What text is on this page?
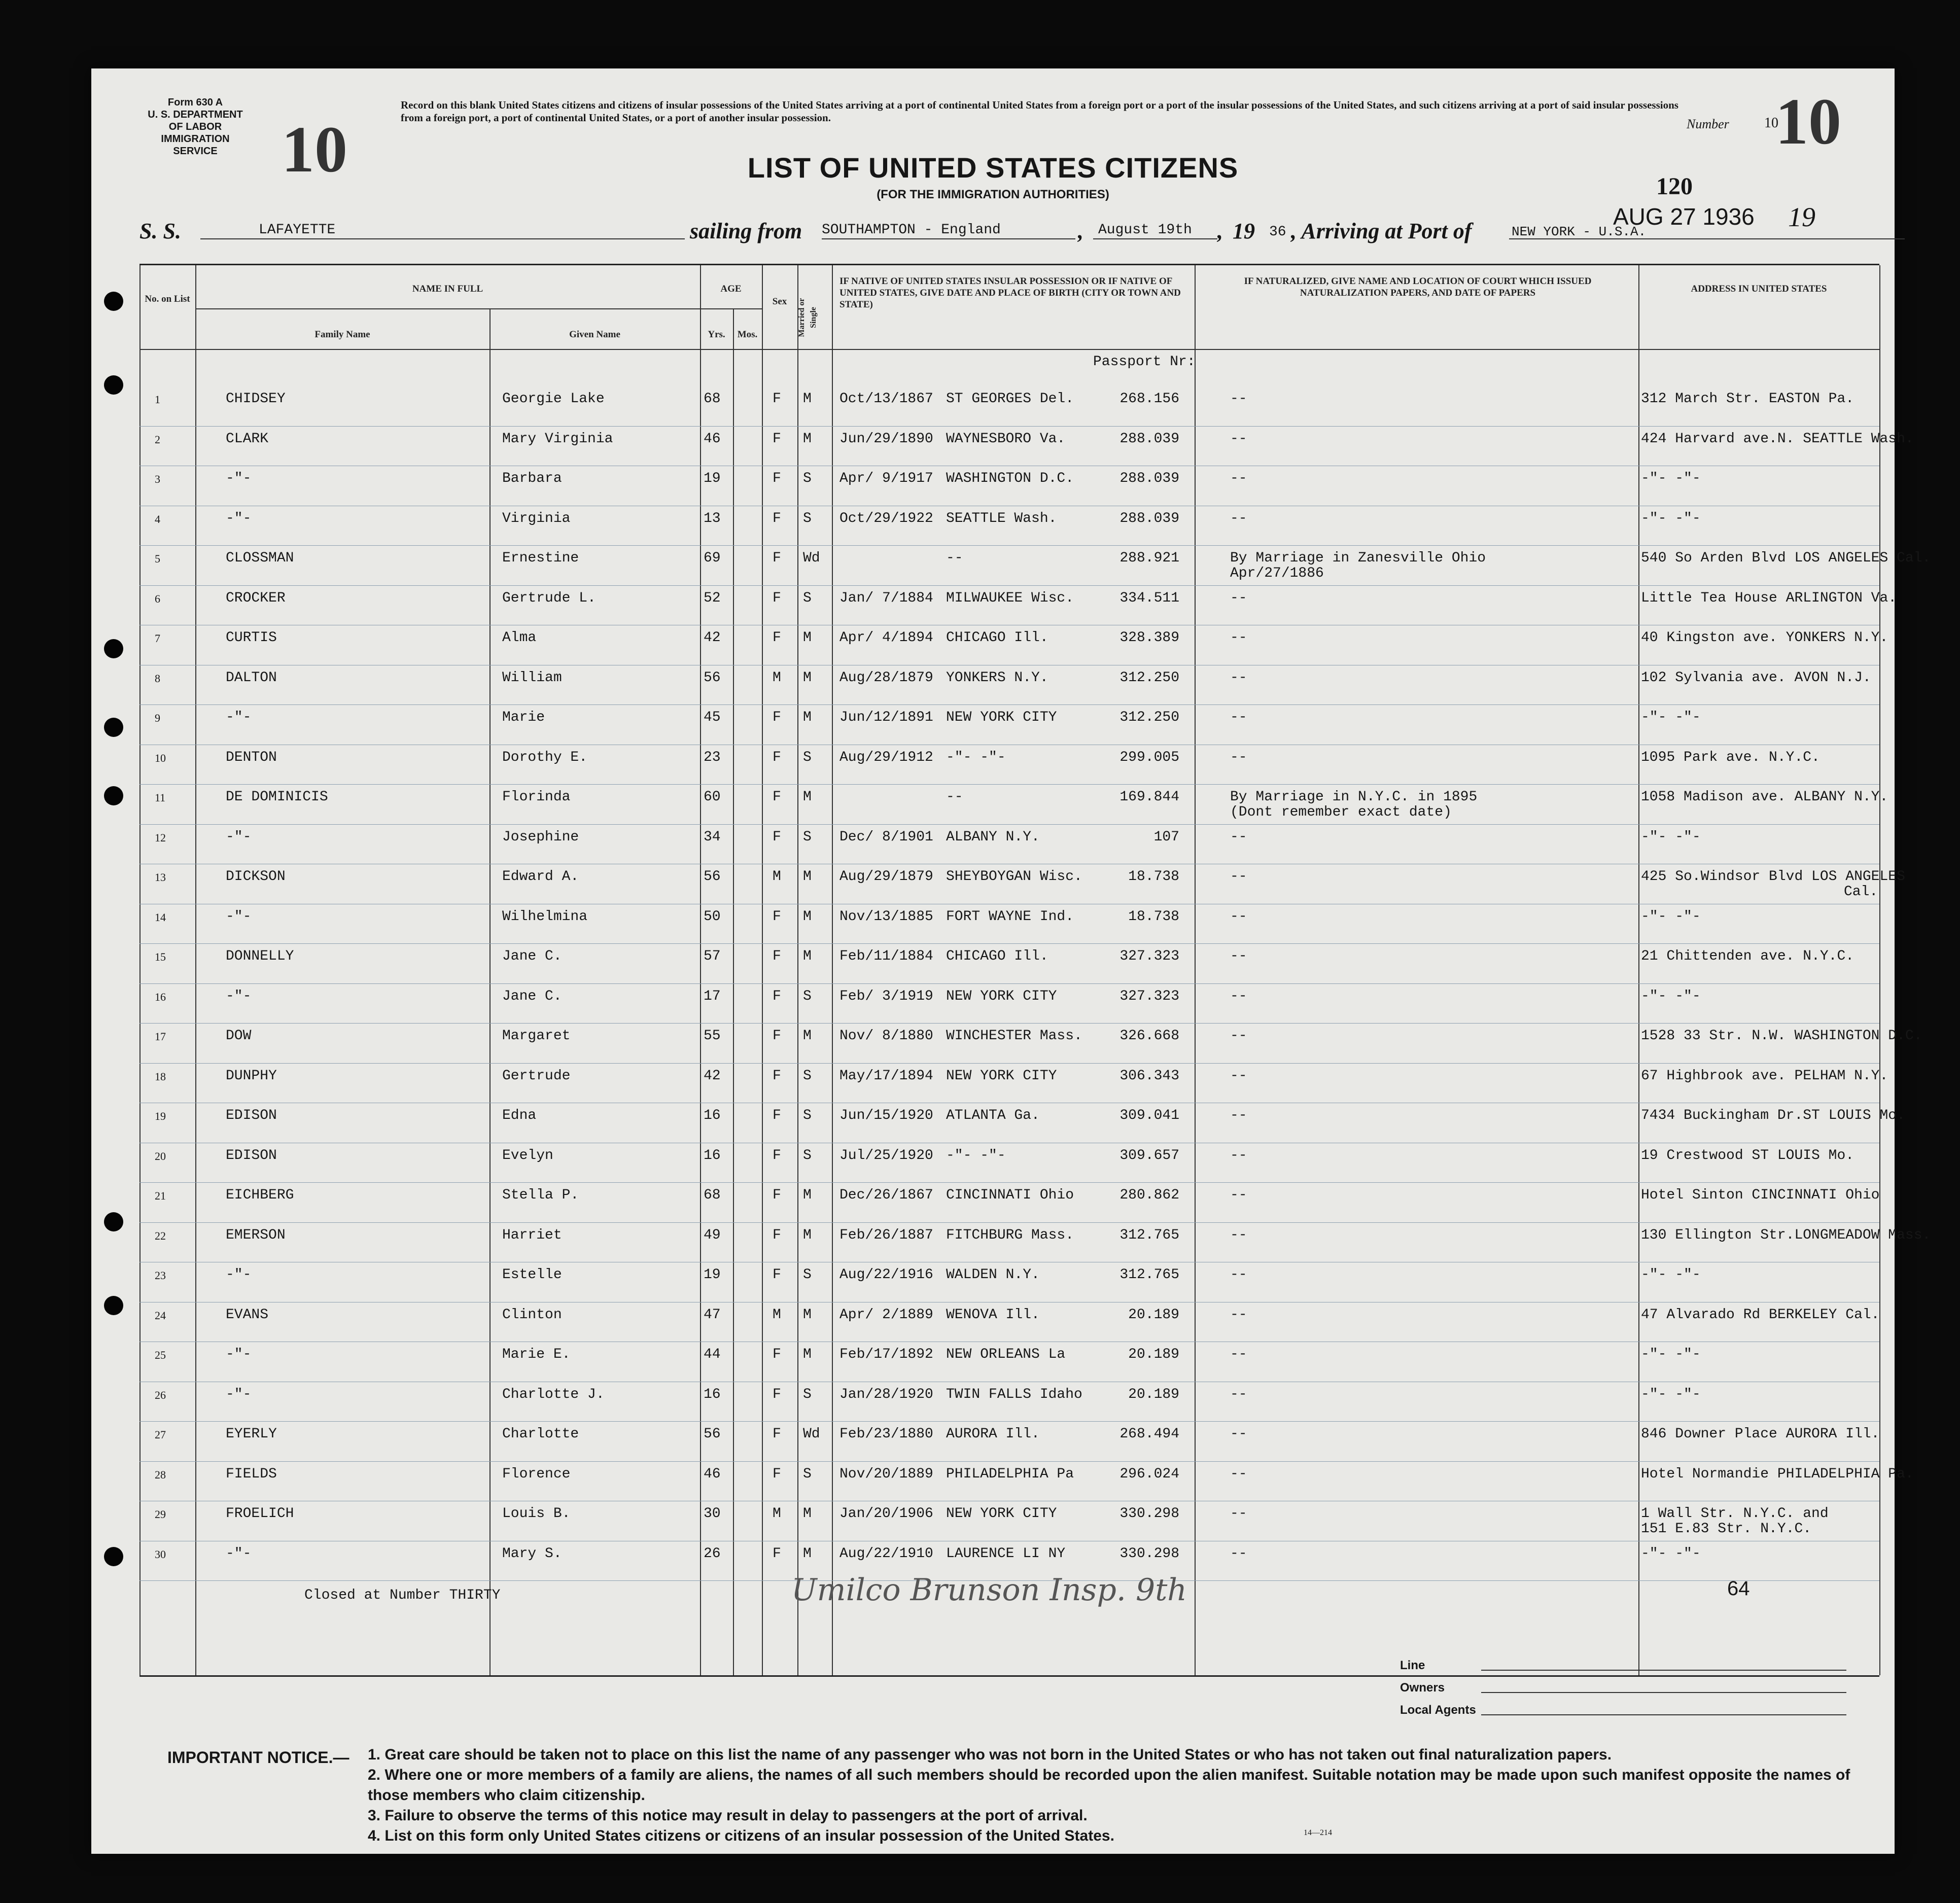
Form 630 A
U. S. DEPARTMENT OF LABOR
IMMIGRATION SERVICE 10
Record on this blank United States citizens and citizens of insular possessions of the United States arriving at a port of continental United States from a foreign port or a port of the insular possessions of the United States, and such citizens arriving at a port of said insular possessions from a foreign port, a port of continental United States, or a port of another insular possession.
LIST OF UNITED STATES CITIZENS
(FOR THE IMMIGRATION AUTHORITIES)
Number 10
10
120
AUG 27 1936 19
S. S.	LAFAYETTE	sailing from SOUTHAMPTON - England	, August 19th , 19 36 , Arriving at Port of	NEW YORK - U.S.A.
No. on List
NAME IN FULL
Family Name	Given Name
AGE
Yrs.	Mos.
Sex	Married or Single
IF NATIVE OF UNITED STATES INSULAR POSSESSION OR IF NATIVE OF UNITED STATES, GIVE DATE AND PLACE OF BIRTH (CITY OR TOWN AND STATE)
IF NATURALIZED, GIVE NAME AND LOCATION OF COURT WHICH ISSUED NATURALIZATION PAPERS, AND DATE OF PAPERS	ADDRESS IN UNITED STATES
Passport Nr:
1	CHIDSEY	Georgie Lake	68	F M Oct/13/1867 ST GEORGES Del.	268.156	--	312 March Str. EASTON Pa.
2	CLARK	Mary Virginia	46	F M Jun/29/1890 WAYNESBORO Va.	288.039	--	424 Harvard ave.N. SEATTLE Wash.
3	-"-	Barbara	19	F S Apr/ 9/1917 WASHINGTON D.C.	288.039	--	-"- -"-
4	-"-	Virginia	13	F S Oct/29/1922 SEATTLE Wash.	288.039	--	-"- -"-
5	CLOSSMAN	Ernestine	69	F Wd	--	288.921	By Marriage in Zanesville Ohio	540 So Arden Blvd LOS ANGELES Cal.
Apr/27/1886
6	CROCKER	Gertrude L.	52	F S Jan/ 7/1884 MILWAUKEE Wisc.	334.511	--	Little Tea House ARLINGTON Va.
7	CURTIS	Alma	42	F M Apr/ 4/1894 CHICAGO Ill.	328.389	--	40 Kingston ave. YONKERS N.Y.
8	DALTON	William	56	M M Aug/28/1879 YONKERS N.Y.	312.250	--	102 Sylvania ave. AVON N.J.
9	-"-	Marie	45	F M Jun/12/1891 NEW YORK CITY	312.250	--	-"- -"-
10	DENTON	Dorothy E.	23	F S Aug/29/1912 -"- -"-	299.005	--	1095 Park ave. N.Y.C.
11	DE DOMINICIS	Florinda	60	F M	--	169.844	By Marriage in N.Y.C. in 1895	1058 Madison ave. ALBANY N.Y.
(Dont remember exact date)
12	-"-	Josephine	34	F S Dec/ 8/1901 ALBANY N.Y.	107	--	-"- -"-
13	DICKSON	Edward A.	56	M M Aug/29/1879 SHEYBOYGAN Wisc.	18.738	--	425 So.Windsor Blvd LOS ANGELES
Cal.
14	-"-	Wilhelmina	50	F M Nov/13/1885 FORT WAYNE Ind.	18.738	--	-"- -"-
15	DONNELLY	Jane C.	57	F M Feb/11/1884 CHICAGO Ill.	327.323	--	21 Chittenden ave. N.Y.C.
16	-"-	Jane C.	17	F S Feb/ 3/1919 NEW YORK CITY	327.323	--	-"- -"-
17	DOW	Margaret	55	F M Nov/ 8/1880 WINCHESTER Mass.	326.668	--	1528 33 Str. N.W. WASHINGTON D.C.
18	DUNPHY	Gertrude	42	F S May/17/1894 NEW YORK CITY	306.343	--	67 Highbrook ave. PELHAM N.Y.
19	EDISON	Edna	16	F S Jun/15/1920 ATLANTA Ga.	309.041	--	7434 Buckingham Dr.ST LOUIS Mo.
20	EDISON	Evelyn	16	F S Jul/25/1920 -"- -"-	309.657	--	19 Crestwood ST LOUIS Mo.
21	EICHBERG	Stella P.	68	F M Dec/26/1867 CINCINNATI Ohio	280.862	--	Hotel Sinton CINCINNATI Ohio
22	EMERSON	Harriet	49	F M Feb/26/1887 FITCHBURG Mass.	312.765	--	130 Ellington Str.LONGMEADOW Mass.
23	-"-	Estelle	19	F S Aug/22/1916 WALDEN N.Y.	312.765	--	-"- -"-
24	EVANS	Clinton	47	M M Apr/ 2/1889 WENOVA Ill.	20.189	--	47 Alvarado Rd BERKELEY Cal.
25	-"-	Marie E.	44	F M Feb/17/1892 NEW ORLEANS La	20.189	--	-"- -"-
26	-"-	Charlotte J.	16	F S Jan/28/1920 TWIN FALLS Idaho	20.189	--	-"- -"-
27	EYERLY	Charlotte	56	F Wd Feb/23/1880 AURORA Ill.	268.494	--	846 Downer Place AURORA Ill.
28	FIELDS	Florence	46	F S Nov/20/1889 PHILADELPHIA Pa	296.024	--	Hotel Normandie PHILADELPHIA Pa.
29	FROELICH	Louis B.	30	M M Jan/20/1906 NEW YORK CITY	330.298	--	1 Wall Str. N.Y.C. and
151 E.83 Str. N.Y.C.
30	-"-	Mary S.	26	F M Aug/22/1910 LAURENCE LI NY	330.298	--	-"- -"-
Closed at Number THIRTY	Umilco Brunson Insp. 9th	64
Line
Owners
Local Agents
IMPORTANT NOTICE.— 1. Great care should be taken not to place on this list the name of any passenger who was not born in the United States or who has not taken out final naturalization papers.
2. Where one or more members of a family are aliens, the names of all such members should be recorded upon the alien manifest. Suitable notation may be made upon such manifest opposite the names of those members who claim citizenship.
3. Failure to observe the terms of this notice may result in delay to passengers at the port of arrival.
4. List on this form only United States citizens or citizens of an insular possession of the United States.	14—214
